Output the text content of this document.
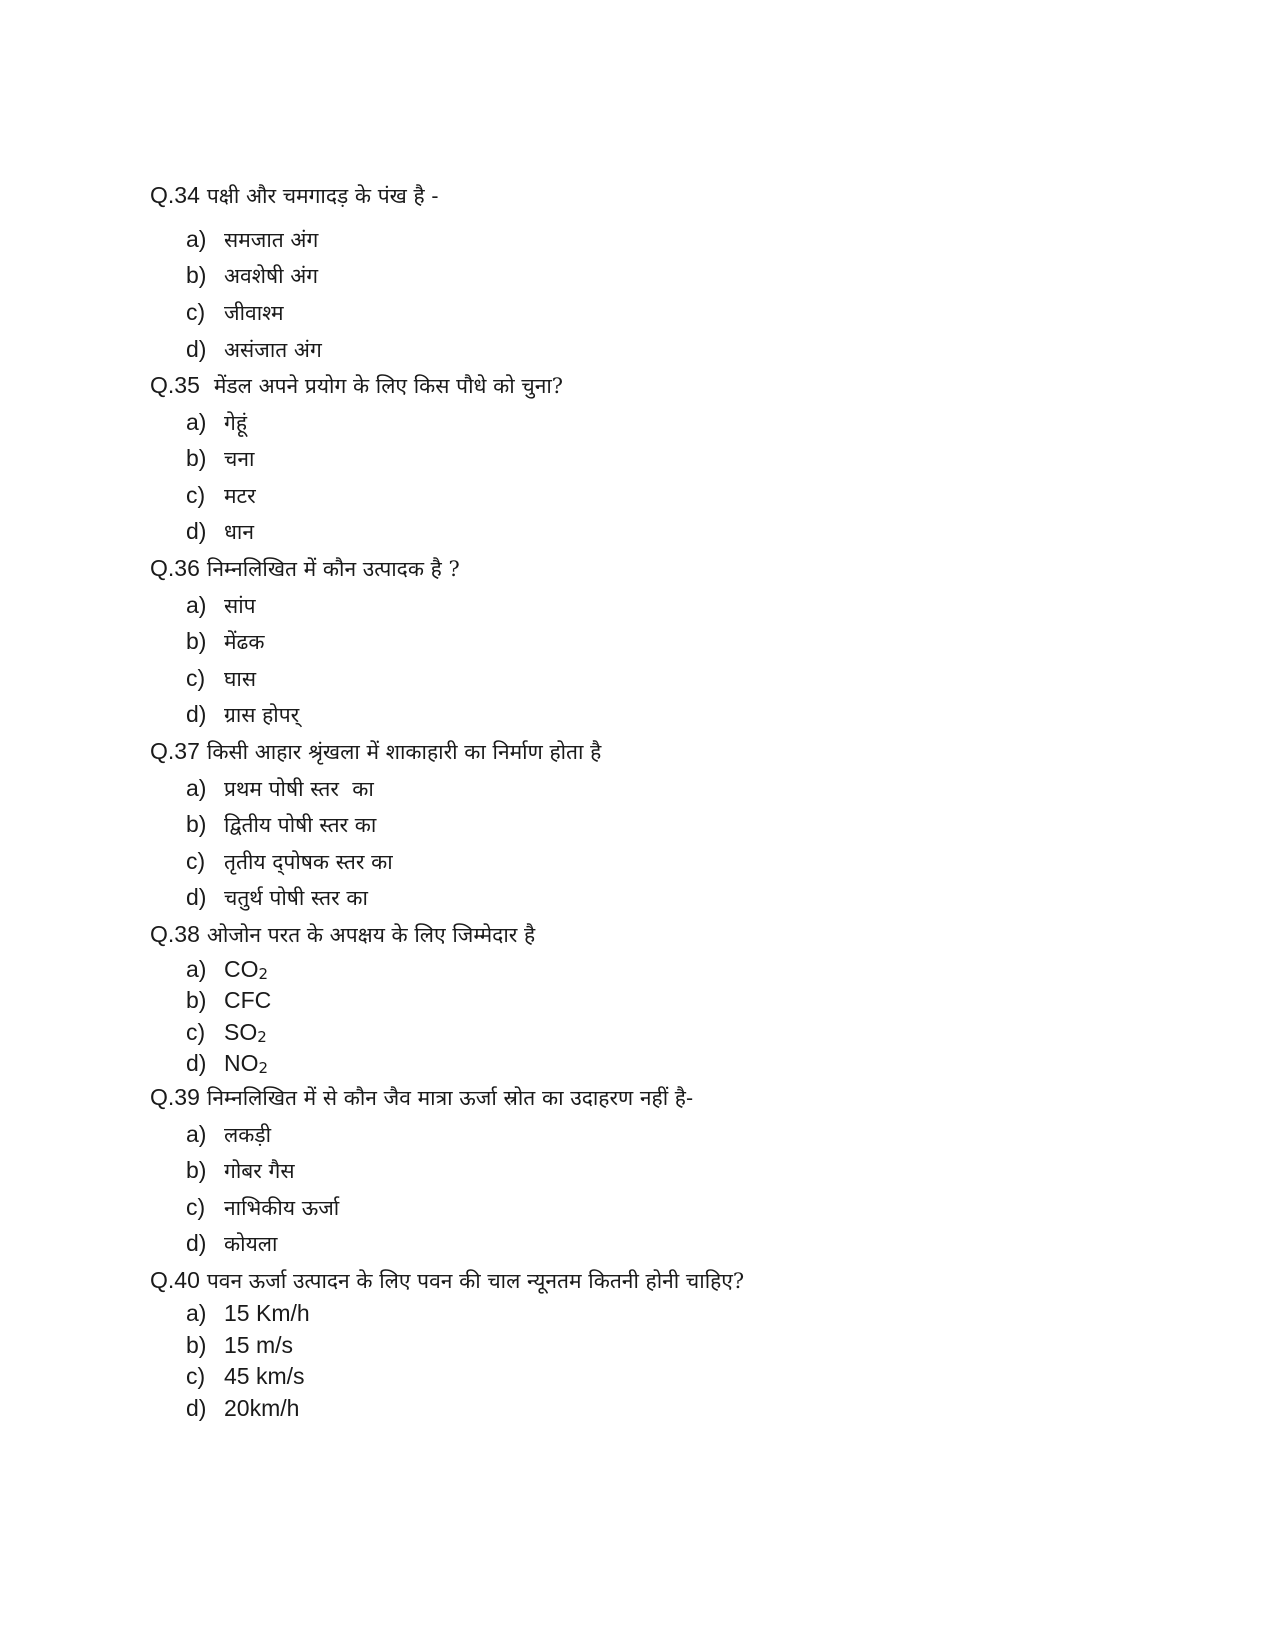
Q.34 पक्षी और चमगादड़ के पंख है -
a) समजात अंग
b) अवशेषी अंग
c) जीवाश्म
d) असंजात अंग
Q.35 मेंडल अपने प्रयोग के लिए किस पौधे को चुना?
a) गेहूं
b) चना
c) मटर
d) धान
Q.36 निम्नलिखित में कौन उत्पादक है ?
a) सांप
b) मेंढक
c) घास
d) ग्रास होपर्
Q.37 किसी आहार श्रृंखला में शाकाहारी का निर्माण होता है
a) प्रथम पोषी स्तर  का
b) द्वितीय पोषी स्तर का
c) तृतीय द्पोषक स्तर का
d) चतुर्थ पोषी स्तर का
Q.38 ओजोन परत के अपक्षय के लिए जिम्मेदार है
a) $CO_2$
b) CFC
c) $SO_2$
d) $NO_2$
Q.39 निम्नलिखित में से कौन जैव मात्रा ऊर्जा स्रोत का उदाहरण नहीं है-
a) लकड़ी
b) गोबर गैस
c) नाभिकीय ऊर्जा
d) कोयला
Q.40 पवन ऊर्जा उत्पादन के लिए पवन की चाल न्यूनतम कितनी होनी चाहिए?
a) 15 Km/h
b) 15 m/s
c) 45 km/s
d) 20km/h
